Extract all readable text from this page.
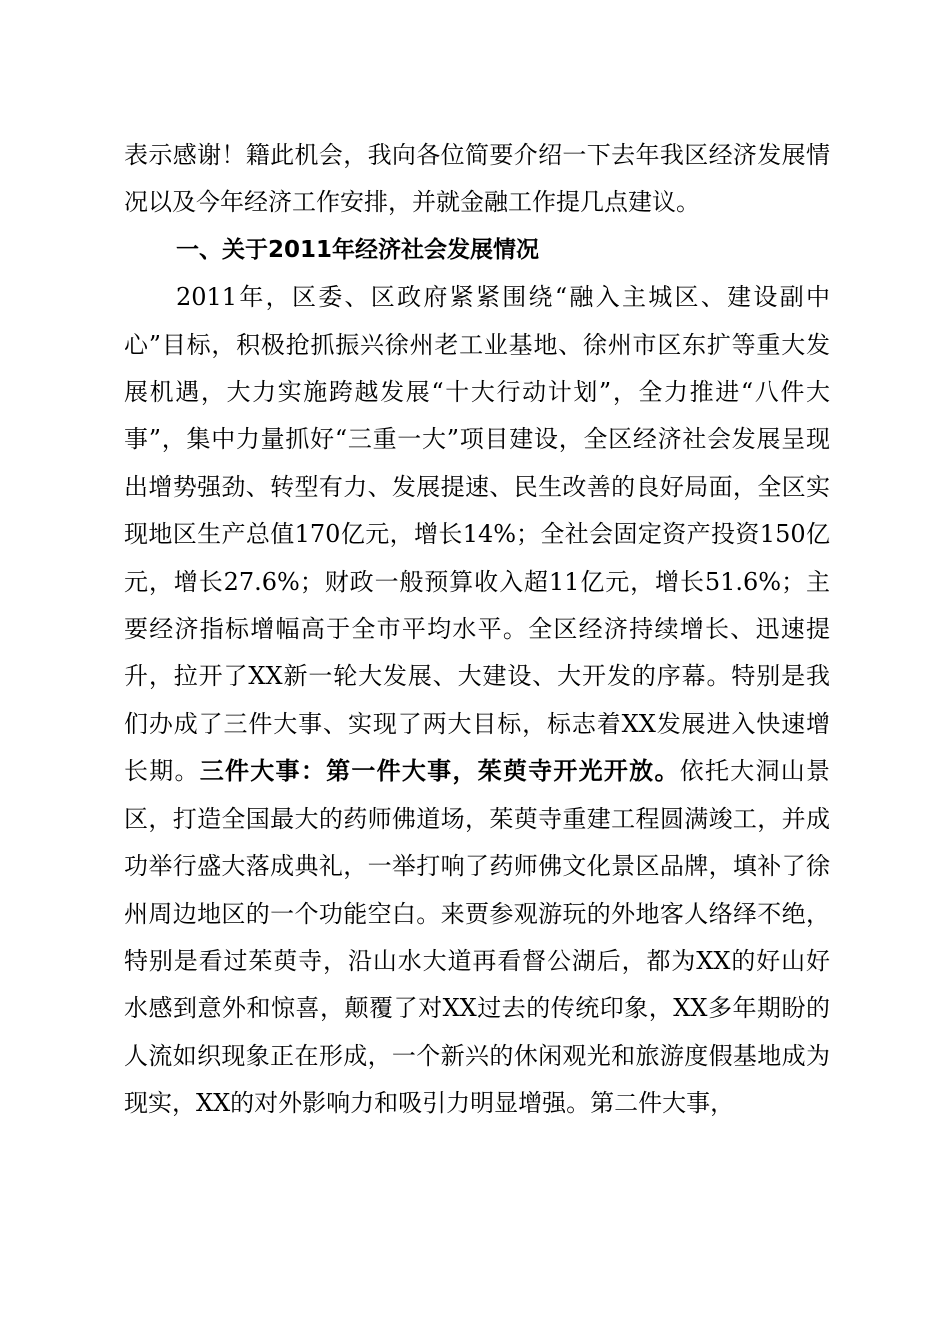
表示感谢！籍此机会，我向各位简要介绍一下去年我区经济发展情况以及今年经济工作安排，并就金融工作提几点建议。

一、关于2011年经济社会发展情况

2011年，区委、区政府紧紧围绕“融入主城区、建设副中心”目标，积极抢抓振兴徐州老工业基地、徐州市区东扩等重大发展机遇，大力实施跨越发展“十大行动计划”，全力推进“八件大事”，集中力量抓好“三重一大”项目建设，全区经济社会发展呈现出增势强劲、转型有力、发展提速、民生改善的良好局面，全区实现地区生产总值170亿元，增长14%；全社会固定资产投资150亿元，增长27.6%；财政一般预算收入超11亿元，增长51.6%；主要经济指标增幅高于全市平均水平。全区经济持续增长、迅速提升，拉开了XX新一轮大发展、大建设、大开发的序幕。特别是我们办成了三件大事、实现了两大目标，标志着XX发展进入快速增长期。三件大事：第一件大事，茱萸寺开光开放。依托大洞山景区，打造全国最大的药师佛道场，茱萸寺重建工程圆满竣工，并成功举行盛大落成典礼，一举打响了药师佛文化景区品牌，填补了徐州周边地区的一个功能空白。来贾参观游玩的外地客人络绎不绝，特别是看过茱萸寺，沿山水大道再看督公湖后，都为XX的好山好水感到意外和惊喜，颠覆了对XX过去的传统印象，XX多年期盼的人流如织现象正在形成，一个新兴的休闲观光和旅游度假基地成为现实，XX的对外影响力和吸引力明显增强。第二件大事，
